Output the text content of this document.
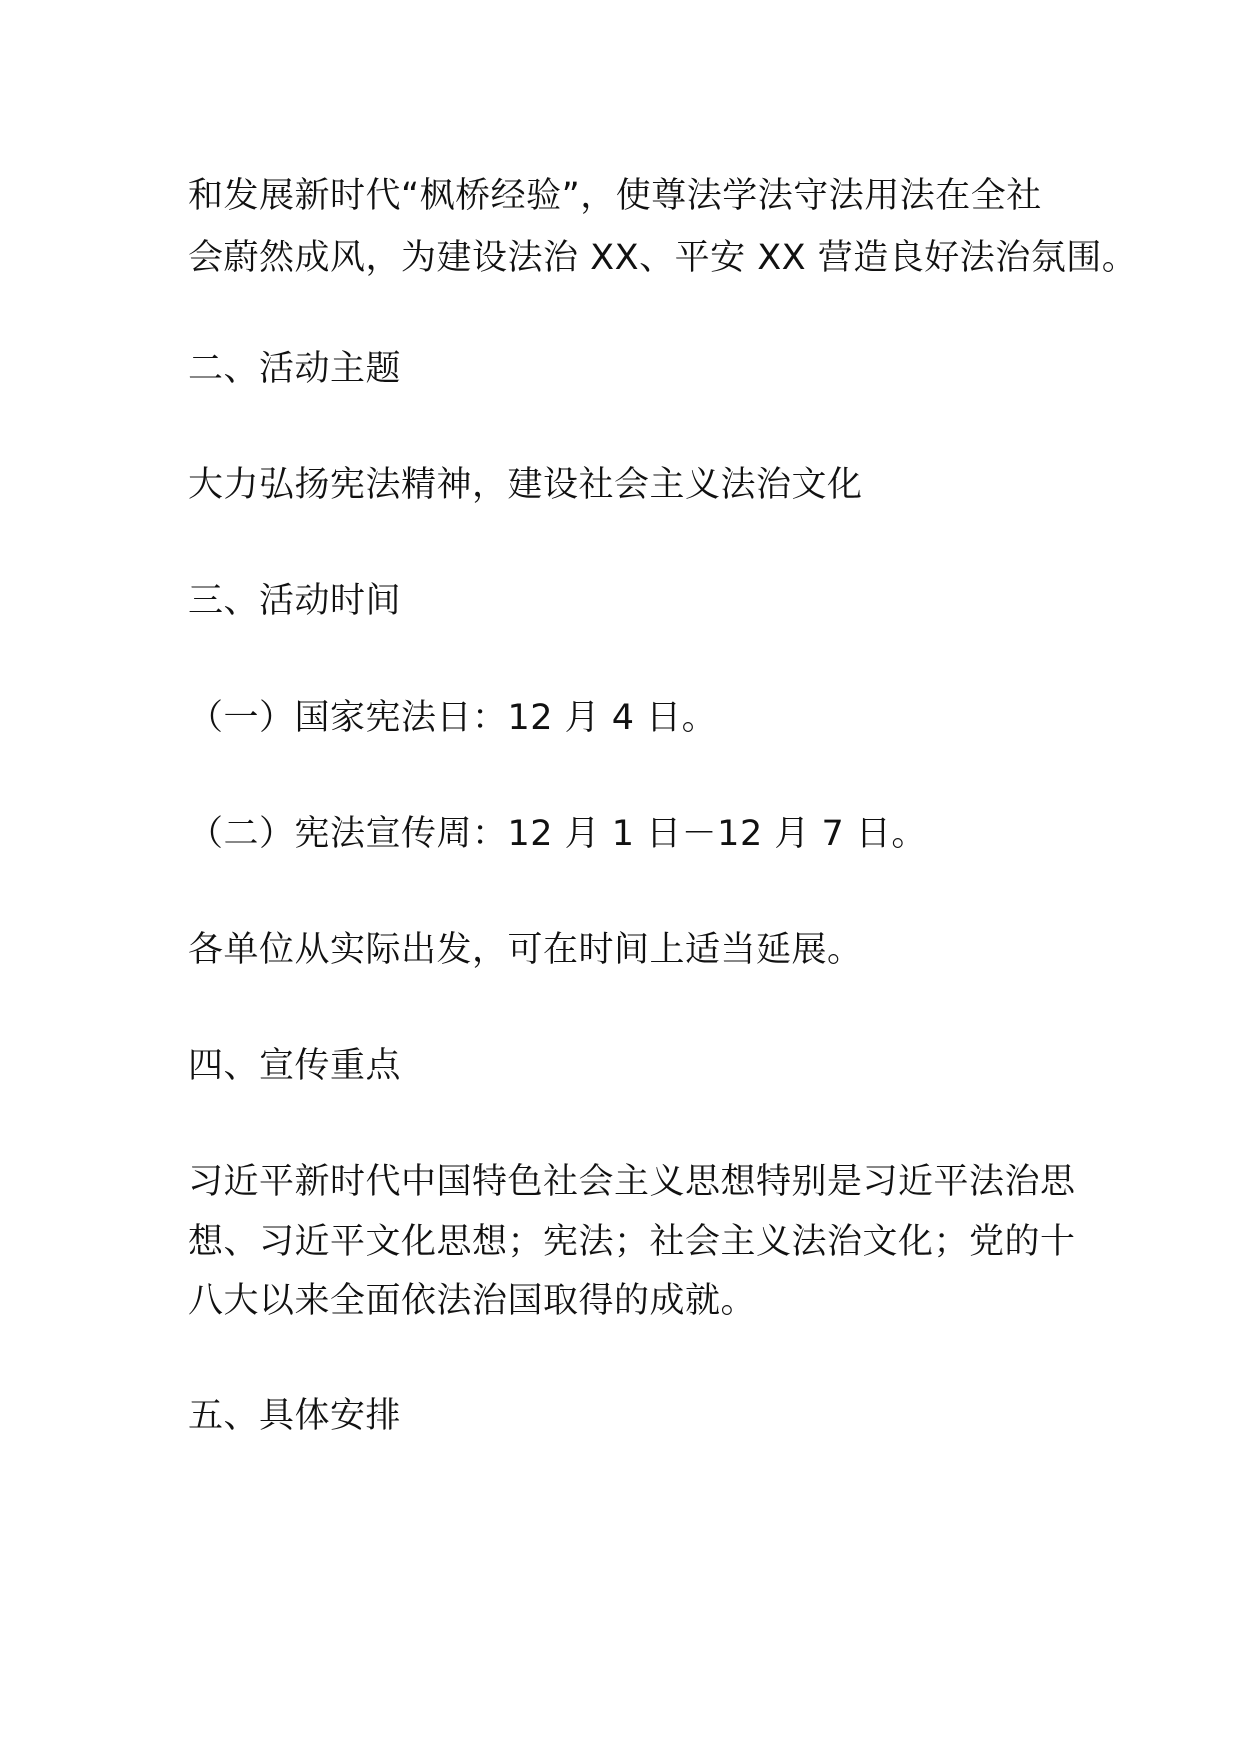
和发展新时代“枫桥经验”，使尊法学法守法用法在全社
会蔚然成风，为建设法治 XX、平安 XX 营造良好法治氛围。
二、活动主题
大力弘扬宪法精神，建设社会主义法治文化
三、活动时间
（一）国家宪法日：12 月 4 日。
（二）宪法宣传周：12 月 1 日－12 月 7 日。
各单位从实际出发，可在时间上适当延展。
四、宣传重点
习近平新时代中国特色社会主义思想特别是习近平法治思
想、习近平文化思想；宪法；社会主义法治文化；党的十
八大以来全面依法治国取得的成就。
五、具体安排
